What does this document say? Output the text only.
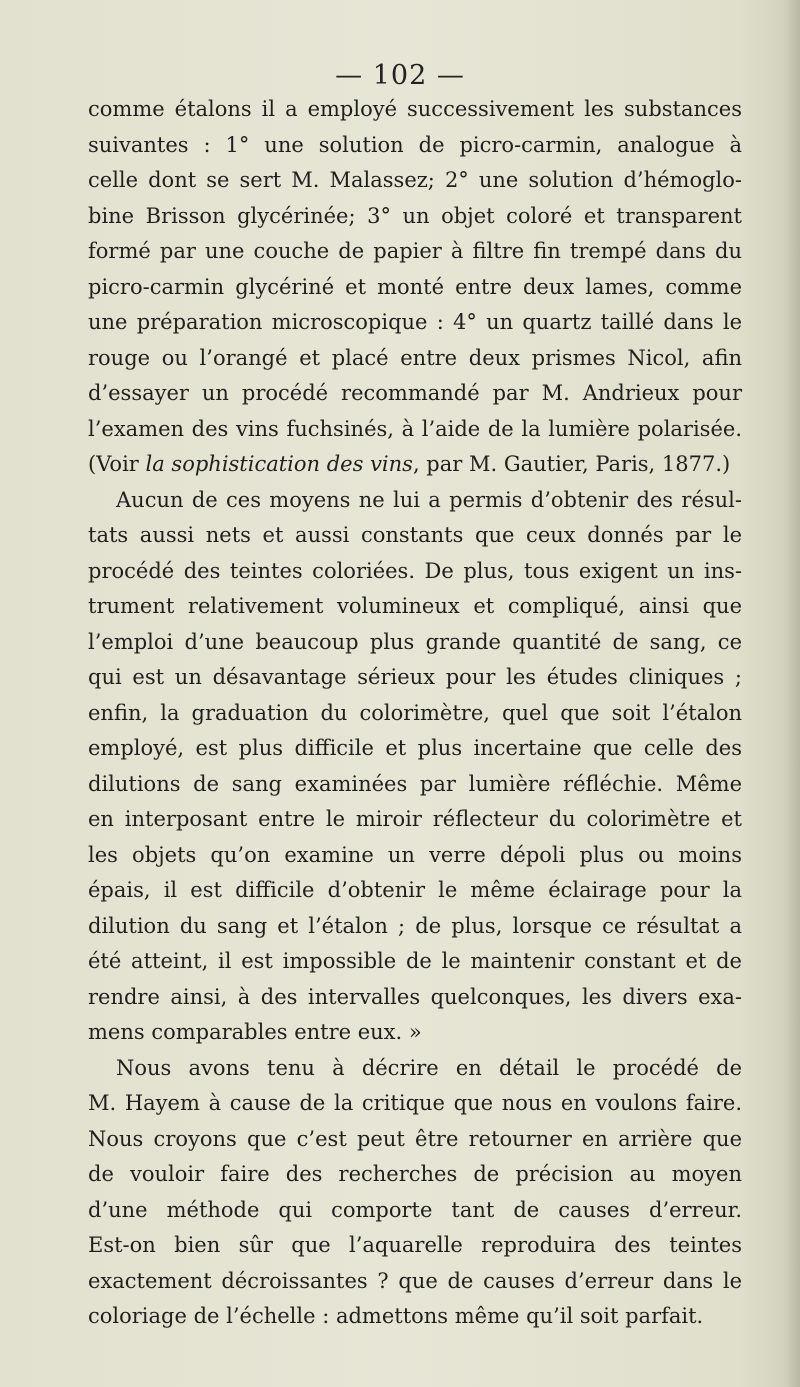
— 102 —

comme étalons il a employé successivement les substances

suivantes : 1° une solution de picro-carmin, analogue à

celle dont se sert M. Malassez; 2° une solution d’hémoglo-

bine Brisson glycérinée; 3° un objet coloré et transparent

formé par une couche de papier à filtre fin trempé dans du

picro-carmin glycériné et monté entre deux lames, comme

une préparation microscopique : 4° un quartz taillé dans le

rouge ou l’orangé et placé entre deux prismes Nicol, afin

d’essayer un procédé recommandé par M. Andrieux pour

l’examen des vins fuchsinés, à l’aide de la lumière polarisée.

(Voir la sophistication des vins, par M. Gautier, Paris, 1877.)

Aucun de ces moyens ne lui a permis d’obtenir des résul-

tats aussi nets et aussi constants que ceux donnés par le

procédé des teintes coloriées. De plus, tous exigent un ins-

trument relativement volumineux et compliqué, ainsi que

l’emploi d’une beaucoup plus grande quantité de sang, ce

qui est un désavantage sérieux pour les études cliniques ;

enfin, la graduation du colorimètre, quel que soit l’étalon

employé, est plus difficile et plus incertaine que celle des

dilutions de sang examinées par lumière réfléchie. Même

en interposant entre le miroir réflecteur du colorimètre et

les objets qu’on examine un verre dépoli plus ou moins

épais, il est difficile d’obtenir le même éclairage pour la

dilution du sang et l’étalon ; de plus, lorsque ce résultat a

été atteint, il est impossible de le maintenir constant et de

rendre ainsi, à des intervalles quelconques, les divers exa-

mens comparables entre eux. »

Nous avons tenu à décrire en détail le procédé de

M. Hayem à cause de la critique que nous en voulons faire.

Nous croyons que c’est peut être retourner en arrière que

de vouloir faire des recherches de précision au moyen

d’une méthode qui comporte tant de causes d’erreur.

Est-on bien sûr que l’aquarelle reproduira des teintes

exactement décroissantes ? que de causes d’erreur dans le

coloriage de l’échelle : admettons même qu’il soit parfait.
